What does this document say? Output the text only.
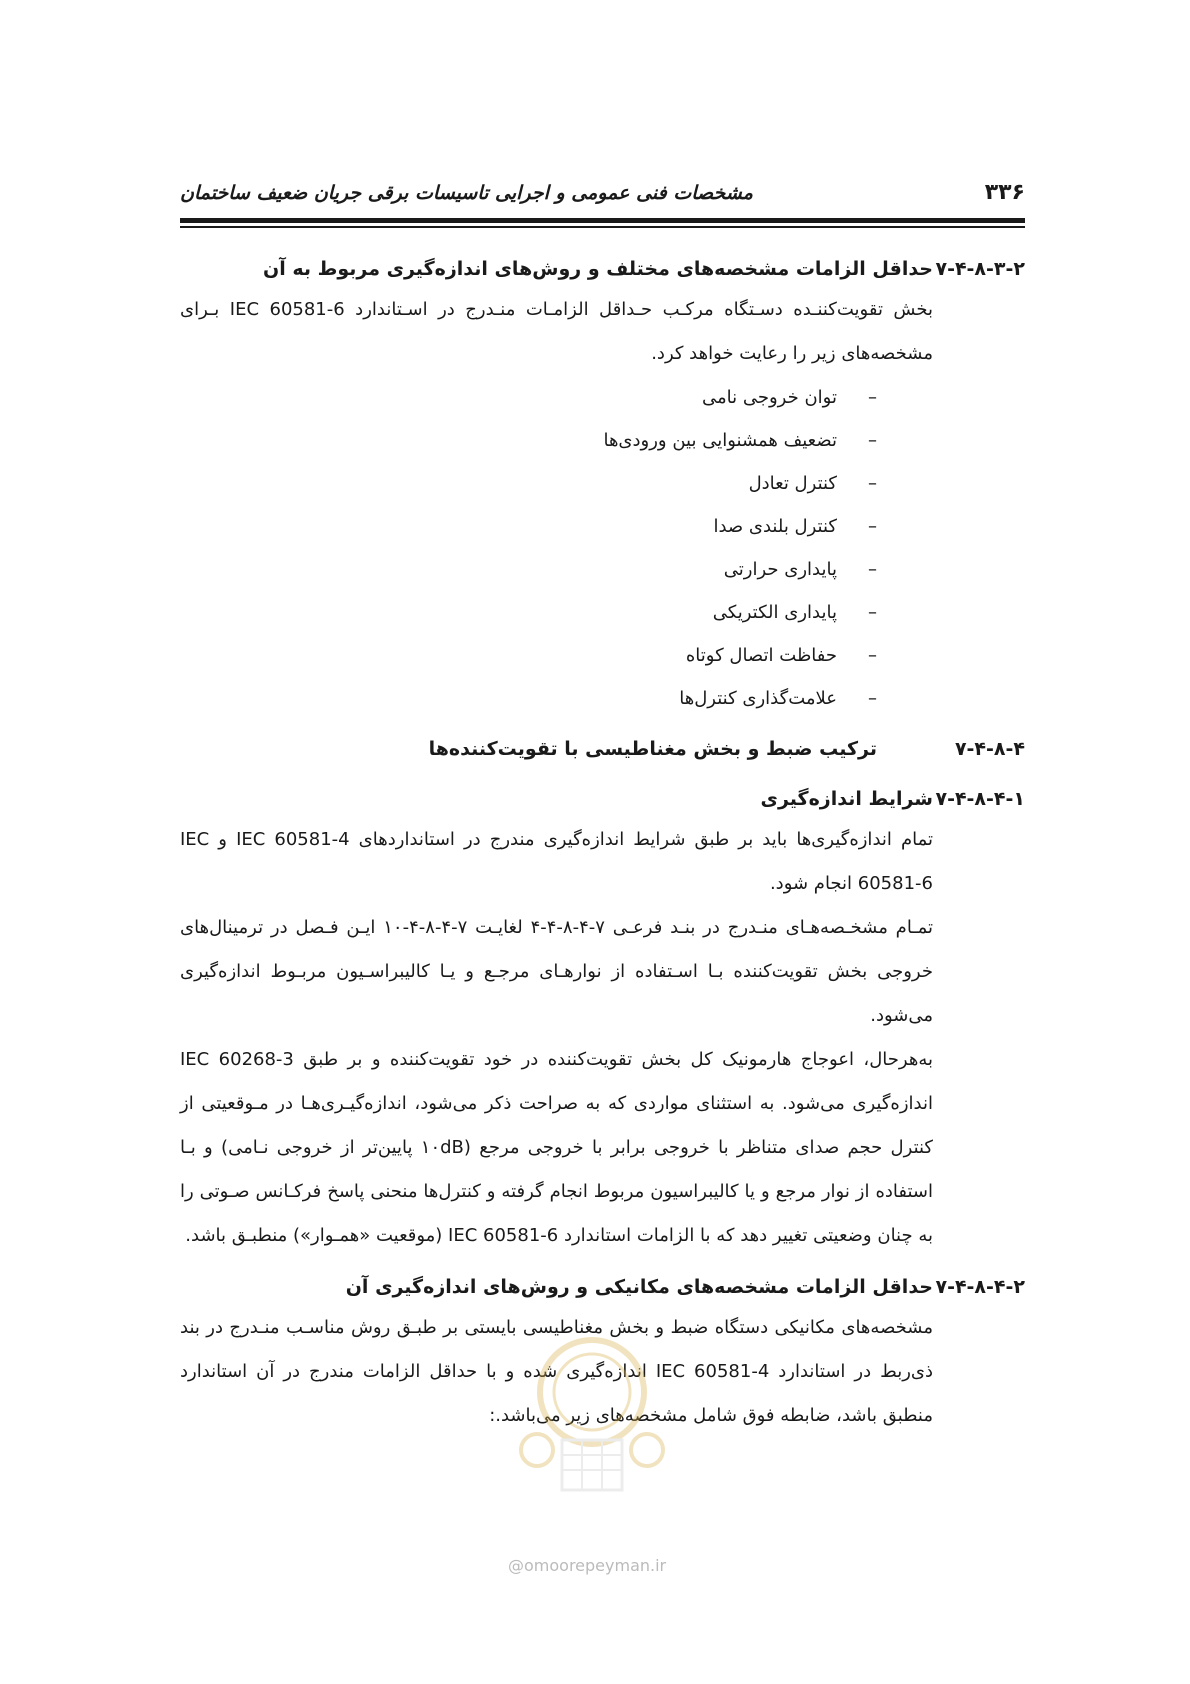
۳۳۶
مشخصات فنی عمومی و اجرایی تاسیسات برقی جریان ضعیف ساختمان
۷-۴-۸-۳-۲
حداقل الزامات مشخصه‌های مختلف و روش‌های اندازه‌گیری مربوط به آن

بخش تقویت‌کننـده دسـتگاه مرکـب حـداقل الزامـات منـدرج در اسـتاندارد IEC 60581-6 بـرای مشخصه‌های زیر را رعایت خواهد کرد.

– توان خروجی نامی
– تضعیف همشنوایی بین ورودی‌ها
– کنترل تعادل
– کنترل بلندی صدا
– پایداری حرارتی
– پایداری الکتریکی
– حفاظت اتصال کوتاه
– علامت‌گذاری کنترل‌ها
۷-۴-۸-۴
ترکیب ضبط و بخش مغناطیسی با تقویت‌کننده‌ها
۷-۴-۸-۴-۱
شرایط اندازه‌گیری

تمام اندازه‌گیری‌ها باید بر طبق شرایط اندازه‌گیری مندرج در استانداردهای IEC 60581-4 و IEC 60581-6 انجام شود.

تمـام مشخـصه‌هـای منـدرج در بنـد فرعـی ۷-۴-۸-۴-۴ لغایـت ۷-۴-۸-۴-۱۰ ایـن فـصل در ترمینال‌های خروجی بخش تقویت‌کننده بـا اسـتفاده از نوارهـای مرجـع و یـا کالیبراسـیون مربـوط اندازه‌گیری می‌شود.

به‌هرحال، اعوجاج هارمونیک کل بخش تقویت‌کننده در خود تقویت‌کننده و بر طبق IEC 60268-3 اندازه‌گیری می‌شود. به استثنای مواردی که به صراحت ذکر می‌شود، اندازه‌گیـری‌هـا در مـوقعیتی از کنترل حجم صدای متناظر با خروجی برابر با خروجی مرجع (۱۰dB پایین‌تر از خروجی نـامی) و بـا استفاده از نوار مرجع و یا کالیبراسیون مربوط انجام گرفته و کنترل‌ها منحنی پاسخ فرکـانس صـوتی را به چنان وضعیتی تغییر دهد که با الزامات استاندارد IEC 60581-6 (موقعیت «همـوار») منطبـق باشد.

۷-۴-۸-۴-۲
حداقل الزامات مشخصه‌های مکانیکی و روش‌های اندازه‌گیری آن

مشخصه‌های مکانیکی دستگاه ضبط و بخش مغناطیسی بایستی بر طبـق روش مناسـب منـدرج در بند ذی‌ربط در استاندارد IEC 60581-4 اندازه‌گیری شده و با حداقل الزامات مندرج در آن استاندارد منطبق باشد، ضابطه فوق شامل مشخصه‌های زیر می‌باشد.:

@omoorepeyman.ir
